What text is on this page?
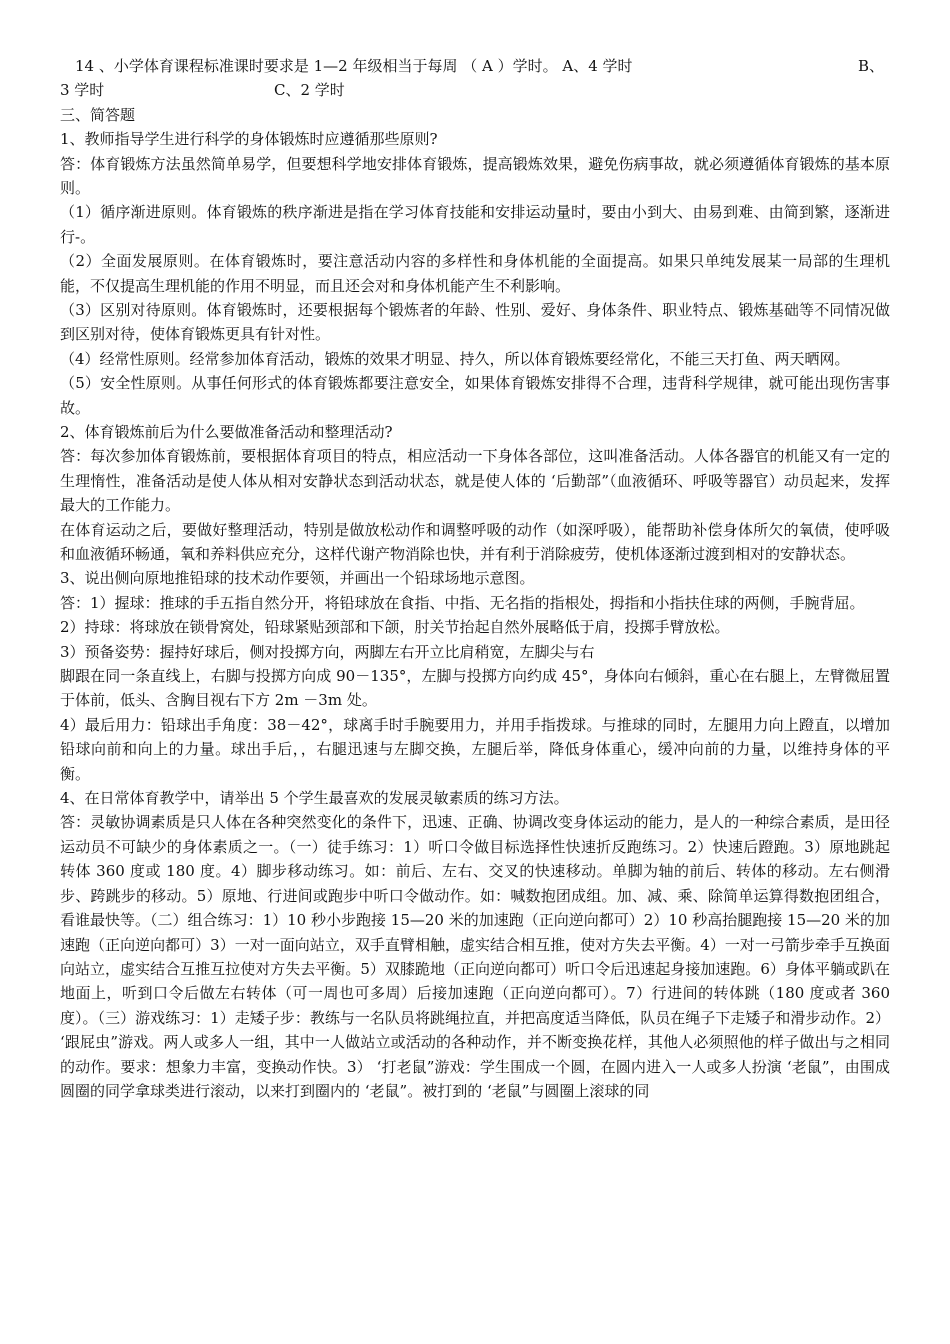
14 、小学体育课程标准课时要求是 1—2 年级相当于每周 （ A ）学时。 A、4 学时	B、
3 学时	C、2 学时
三、简答题
1、教师指导学生进行科学的身体锻炼时应遵循那些原则?
答：体育锻炼方法虽然简单易学，但要想科学地安排体育锻炼，提高锻炼效果，避免伤病事故，就必须遵循体育锻炼的基本原则。
（1）循序渐进原则。体育锻炼的秩序渐进是指在学习体育技能和安排运动量时，要由小到大、由易到难、由简到繁，逐渐进行-。
（2）全面发展原则。在体育锻炼时，要注意活动内容的多样性和身体机能的全面提高。如果只单纯发展某一局部的生理机能，不仅提高生理机能的作用不明显，而且还会对和身体机能产生不利影响。
（3）区别对待原则。体育锻炼时，还要根据每个锻炼者的年龄、性别、爱好、身体条件、职业特点、锻炼基础等不同情况做到区别对待，使体育锻炼更具有针对性。
（4）经常性原则。经常参加体育活动，锻炼的效果才明显、持久，所以体育锻炼要经常化，不能三天打鱼、两天晒网。
（5）安全性原则。从事任何形式的体育锻炼都要注意安全，如果体育锻炼安排得不合理，违背科学规律，就可能出现伤害事故。
2、体育锻炼前后为什么要做准备活动和整理活动?
答：每次参加体育锻炼前，要根据体育项目的特点，相应活动一下身体各部位，这叫准备活动。人体各器官的机能又有一定的生理惰性，准备活动是使人体从相对安静状态到活动状态，就是使人体的 ‘后勤部”（血液循环、呼吸等器官）动员起来，发挥最大的工作能力。
在体育运动之后，要做好整理活动，特别是做放松动作和调整呼吸的动作（如深呼吸），能帮助补偿身体所欠的氧债，使呼吸和血液循环畅通，氧和养料供应充分，这样代谢产物消除也快，并有利于消除疲劳，使机体逐渐过渡到相对的安静状态。
3、说出侧向原地推铅球的技术动作要领，并画出一个铅球场地示意图。
答：1）握球：推球的手五指自然分开，将铅球放在食指、中指、无名指的指根处，拇指和小指扶住球的两侧，手腕背屈。
2）持球：将球放在锁骨窝处，铅球紧贴颈部和下颌，肘关节抬起自然外展略低于肩，投掷手臂放松。
3）预备姿势：握持好球后，侧对投掷方向，两脚左右开立比肩稍宽，左脚尖与右
脚跟在同一条直线上，右脚与投掷方向成 90－135°，左脚与投掷方向约成 45°，身体向右倾斜，重心在右腿上，左臂微屈置于体前，低头、含胸目视右下方 2m －3m 处。
4）最后用力：铅球出手角度：38－42°，球离手时手腕要用力，并用手指拨球。与推球的同时，左腿用力向上蹬直，以增加铅球向前和向上的力量。球出手后，，右腿迅速与左脚交换，左腿后举，降低身体重心，缓冲向前的力量，以维持身体的平衡。
4、在日常体育教学中，请举出 5 个学生最喜欢的发展灵敏素质的练习方法。
答：灵敏协调素质是只人体在各种突然变化的条件下，迅速、正确、协调改变身体运动的能力，是人的一种综合素质，是田径运动员不可缺少的身体素质之一。（一）徒手练习：1）听口令做目标选择性快速折反跑练习。2）快速后蹬跑。3）原地跳起转体 360 度或 180 度。4）脚步移动练习。如：前后、左右、交叉的快速移动。单脚为轴的前后、转体的移动。左右侧滑步、跨跳步的移动。5）原地、行进间或跑步中听口令做动作。如：喊数抱团成组。加、减、乘、除简单运算得数抱团组合，看谁最快等。（二）组合练习：1）10 秒小步跑接 15—20 米的加速跑（正向逆向都可）2）10 秒高抬腿跑接 15—20 米的加速跑（正向逆向都可）3）一对一面向站立，双手直臂相触，虚实结合相互推，使对方失去平衡。4）一对一弓箭步牵手互换面向站立，虚实结合互推互拉使对方失去平衡。5）双膝跪地（正向逆向都可）听口令后迅速起身接加速跑。6）身体平躺或趴在地面上，听到口令后做左右转体（可一周也可多周）后接加速跑（正向逆向都可）。7）行进间的转体跳（180 度或者 360 度）。（三）游戏练习：1）走矮子步：教练与一名队员将跳绳拉直，并把高度适当降低，队员在绳子下走矮子和滑步动作。2） ‘跟屁虫”游戏。两人或多人一组，其中一人做站立或活动的各种动作，并不断变换花样，其他人必须照他的样子做出与之相同的动作。要求：想象力丰富，变换动作快。3） ‘打老鼠”游戏：学生围成一个圆，在圆内进入一人或多人扮演 ‘老鼠”，由围成圆圈的同学拿球类进行滚动，以来打到圈内的 ‘老鼠”。被打到的 ‘老鼠”与圆圈上滚球的同
